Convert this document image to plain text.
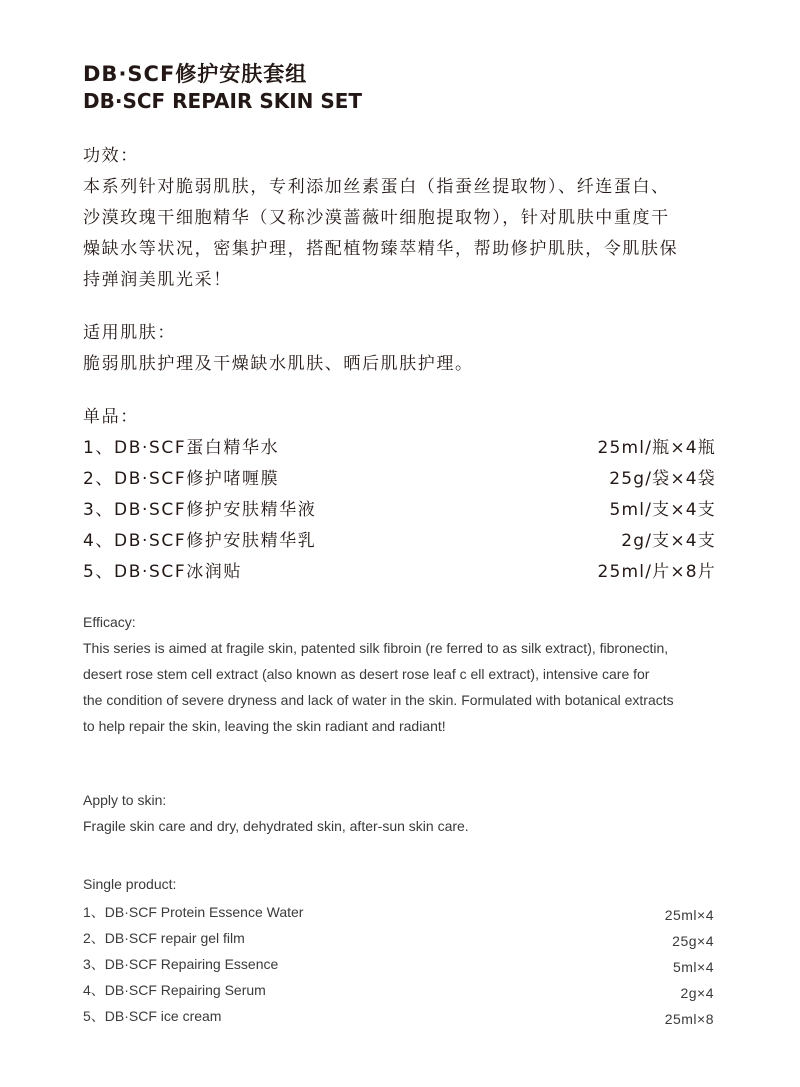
DB·SCF修护安肤套组
DB·SCF REPAIR SKIN SET
功效：
本系列针对脆弱肌肤，专利添加丝素蛋白（指蚕丝提取物）、纤连蛋白、
沙漠玫瑰干细胞精华（又称沙漠蔷薇叶细胞提取物），针对肌肤中重度干
燥缺水等状况，密集护理，搭配植物臻萃精华，帮助修护肌肤，令肌肤保
持弹润美肌光采！
适用肌肤：
脆弱肌肤护理及干燥缺水肌肤、晒后肌肤护理。
单品：
1、DB·SCF蛋白精华水	25ml/瓶×4瓶
2、DB·SCF修护啫喱膜	25g/袋×4袋
3、DB·SCF修护安肤精华液	5ml/支×4支
4、DB·SCF修护安肤精华乳	2g/支×4支
5、DB·SCF冰润贴	25ml/片×8片
Efficacy:
This series is aimed at fragile skin, patented silk fibroin (re ferred to as silk extract), fibronectin,
desert rose stem cell extract (also known as desert rose leaf c ell extract), intensive care for
the condition of severe dryness and lack of water in the skin. Formulated with botanical extracts
to help repair the skin, leaving the skin radiant and radiant!
Apply to skin:
Fragile skin care and dry, dehydrated skin, after-sun skin care.
Single product:
1、DB·SCF Protein Essence Water	25ml×4
2、DB·SCF repair gel film	25g×4
3、DB·SCF Repairing Essence	5ml×4
4、DB·SCF Repairing Serum	2g×4
5、DB·SCF ice cream	25ml×8
